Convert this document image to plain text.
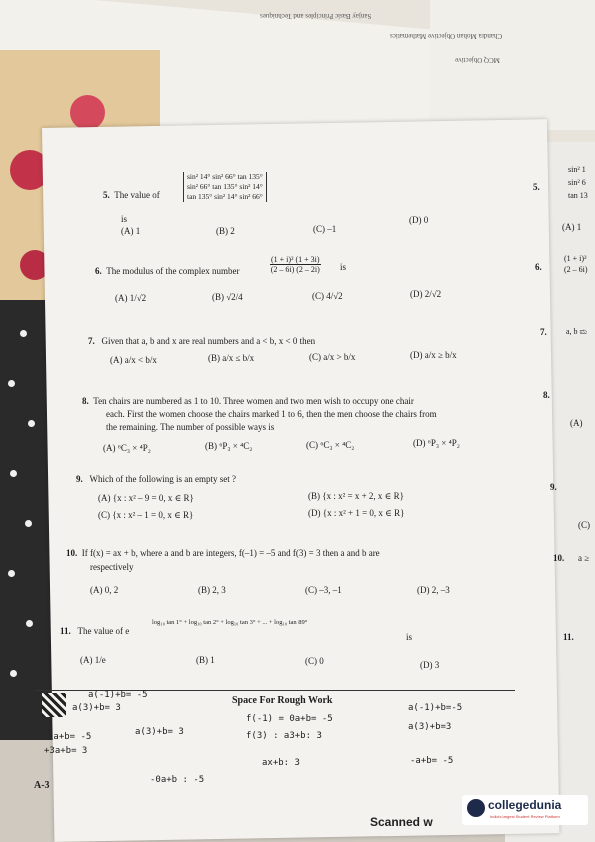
Sanjay Basic Principles and Techniques
Chandra Mohan Objective Mathematics
MCQ Objective
5. The value of
sin² 14° sin² 66° tan 135°
sin² 66° tan 135° sin² 14°
tan 135° sin² 14° sin² 66°
is
(A) 1	(B) 2	(C) –1
(D) 0
6. The modulus of the complex number	$\frac{\text{(1 + i)² (1 + 3i)}}{(2 - 6i) (2 - 2i)}$ is
(A) 1/√2	(B) √2/4	(C) 4/√2	(D) 2/√2
7. Given that a, b and x are real numbers and a < b, x < 0 then
(A) a/x < b/x	(B) a/x ≤ b/x	(C) a/x > b/x	(D) a/x ≥ b/x
8. Ten chairs are numbered as 1 to 10. Three women and two men wish to occupy one chair
each. First the women choose the chairs marked 1 to 6, then the men choose the chairs from
the remaining. The number of possible ways is
(A) ⁶C₃ × ⁴P₂	(B) ⁶P₃ × ⁴C₂	(C) ⁶C₃ × ⁴C₂	(D) ⁶P₃ × ⁴P₂
9. Which of the following is an empty set ?
(A) {x : x² – 9 = 0, x ∈ R}	(B) {x : x² = x + 2, x ∈ R}
(C) {x : x² – 1 = 0, x ∈ R}	(D) {x : x² + 1 = 0, x ∈ R}
10. If f(x) = ax + b, where a and b are integers, f(–1) = –5 and f(3) = 3 then a and b are
respectively
(A) 0, 2	(B) 2, 3	(C) –3, –1	(D) 2, –3
11. The value of e
log₁₀ tan 1° + log₁₀ tan 2° + log₁₀ tan 3° + ... + log₁₀ tan 89°
is
(A) 1/e	(B) 1	(C) 0	(D) 3
Space For Rough Work
A-3
a(-1)+b= -5
a(3)+b= 3
a(3)+b= 3
-a+b= -5
+3a+b= 3
f(-1) = 0a+b= -5
f(3) : a3+b: 3
a(-1)+b=-5
a(3)+b=3
ax+b: 3	-a+b= -5
-0a+b : -5
5.
sin² 1
sin² 6
tan 13
(A) 1
6.
(1 + i)²
(2 – 6i)
7. a, b ಮ
8.
(A)
9.
(C)
10. a ≥
11.
Scanned w
collegedunia
India's largest Student Review Platform
